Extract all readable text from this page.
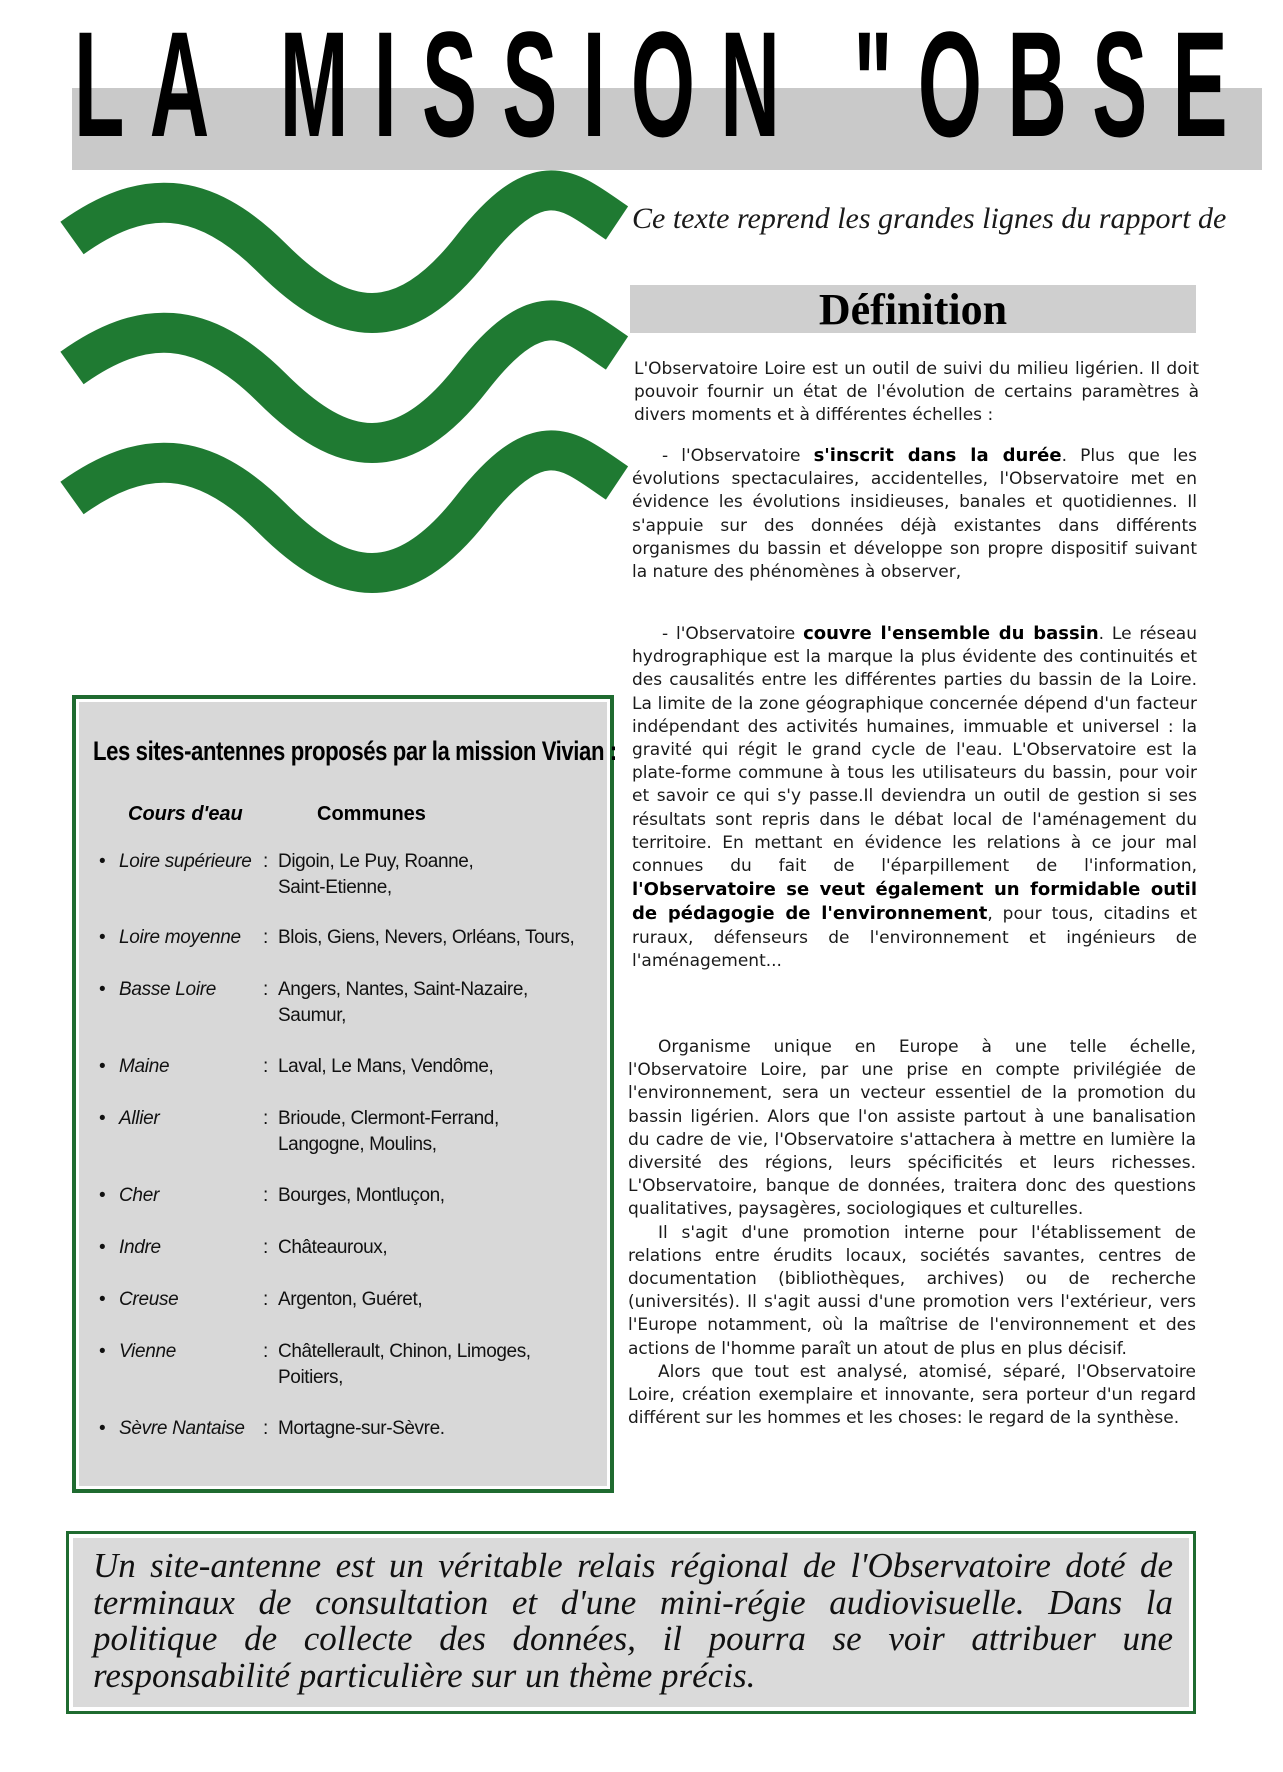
LA MISSION "OBSE
Ce texte reprend les grandes lignes du rapport de
Définition

L'Observatoire Loire est un outil de suivi du milieu ligérien. Il doit pouvoir fournir un état de l'évolution de certains paramètres à divers moments et à différentes échelles :

- l'Observatoire s'inscrit dans la durée. Plus que les évolutions spectaculaires, accidentelles, l'Observatoire met en évidence les évolutions insidieuses, banales et quotidiennes. Il s'appuie sur des données déjà existantes dans différents organismes du bassin et développe son propre dispositif suivant la nature des phénomènes à observer,

- l'Observatoire couvre l'ensemble du bassin. Le réseau hydrographique est la marque la plus évidente des continuités et des causalités entre les différentes parties du bassin de la Loire. La limite de la zone géographique concernée dépend d'un facteur indépendant des activités humaines, immuable et universel : la gravité qui régit le grand cycle de l'eau. L'Observatoire est la plate-forme commune à tous les utilisateurs du bassin, pour voir et savoir ce qui s'y passe.Il deviendra un outil de gestion si ses résultats sont repris dans le débat local de l'aménagement du territoire. En mettant en évidence les relations à ce jour mal connues du fait de l'éparpillement de l'information, l'Observatoire se veut également un formidable outil de pédagogie de l'environnement, pour tous, citadins et ruraux, défenseurs de l'environnement et ingénieurs de l'aménagement...

Organisme unique en Europe à une telle échelle, l'Observatoire Loire, par une prise en compte privilégiée de l'environnement, sera un vecteur essentiel de la promotion du bassin ligérien. Alors que l'on assiste partout à une banalisation du cadre de vie, l'Observatoire s'attachera à mettre en lumière la diversité des régions, leurs spécificités et leurs richesses. L'Observatoire, banque de données, traitera donc des questions qualitatives, paysagères, sociologiques et culturelles.

Il s'agit d'une promotion interne pour l'établissement de relations entre érudits locaux, sociétés savantes, centres de documentation (bibliothèques, archives) ou de recherche (universités). Il s'agit aussi d'une promotion vers l'extérieur, vers l'Europe notamment, où la maîtrise de l'environnement et des actions de l'homme paraît un atout de plus en plus décisif.

Alors que tout est analysé, atomisé, séparé, l'Observatoire Loire, création exemplaire et innovante, sera porteur d'un regard différent sur les hommes et les choses: le regard de la synthèse.

Les sites-antennes proposés par la mission Vivian :
Cours d'eau	Communes
• Loire supérieure : Digoin, Le Puy, Roanne,
Saint-Etienne,
• Loire moyenne : Blois, Giens, Nevers, Orléans, Tours,

• Basse Loire : Angers, Nantes, Saint-Nazaire,
Saumur,
• Maine	: Laval, Le Mans, Vendôme,

• Allier	: Brioude, Clermont-Ferrand,
Langogne, Moulins,
• Cher	: Bourges, Montluçon,

• Indre	: Châteauroux,

• Creuse	: Argenton, Guéret,

• Vienne	: Châtellerault, Chinon, Limoges,
Poitiers,
• Sèvre Nantaise : Mortagne-sur-Sèvre.

Un site-antenne est un véritable relais régional de l'Observatoire doté de terminaux de consultation et d'une mini-régie audiovisuelle. Dans la politique de collecte des données, il pourra se voir attribuer une responsabilité particulière sur un thème précis.
